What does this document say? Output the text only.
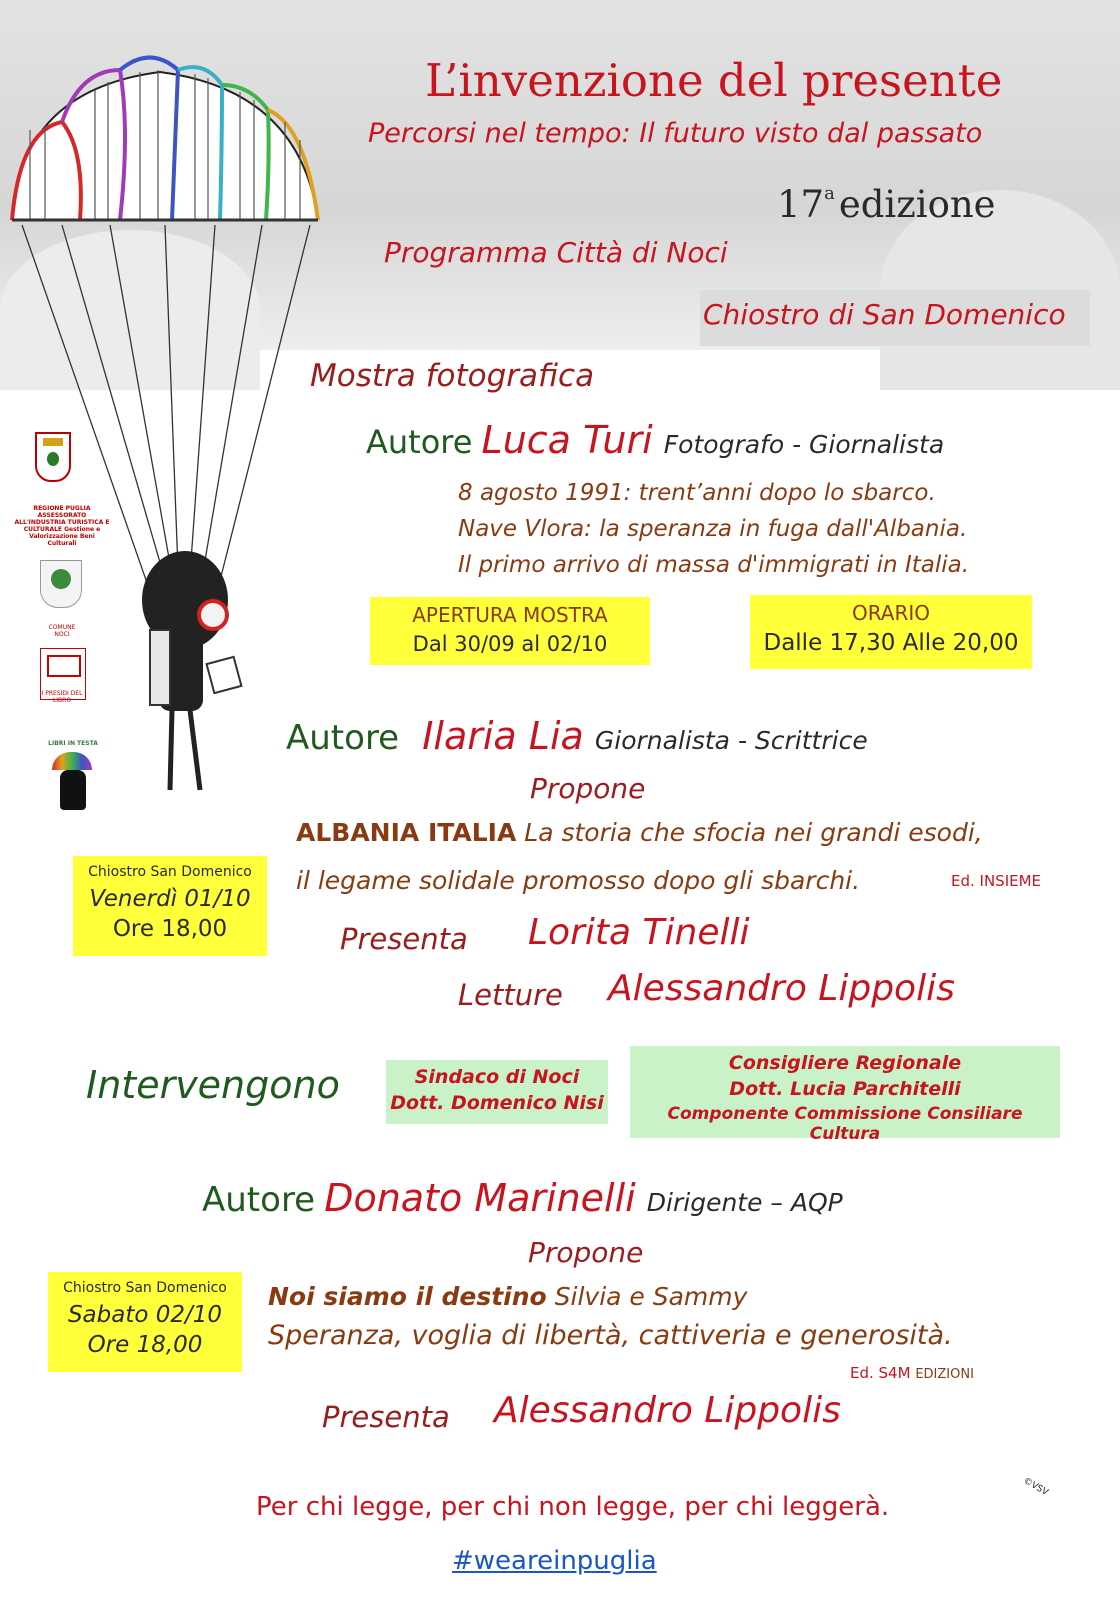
REGIONE PUGLIA ASSESSORATO ALL'INDUSTRIA TURISTICA E CULTURALE Gestione e Valorizzazione Beni Culturali
COMUNE NOCI
I PRESIDI DEL LIBRO
LIBRI IN TESTA
L’invenzione del presente
Percorsi nel tempo: Il futuro visto dal passato
17$^a$ edizione
Programma Città di Noci
Chiostro di San Domenico
Mostra fotografica
Autore Luca Turi Fotografo - Giornalista
8 agosto 1991: trent’anni dopo lo sbarco.
Nave Vlora: la speranza in fuga dall'Albania.
Il primo arrivo di massa d'immigrati in Italia.
APERTURA MOSTRA
Dal 30/09 al 02/10
ORARIO
Dalle 17,30 Alle 20,00
Autore Ilaria Lia Giornalista - Scrittrice
Propone
ALBANIA ITALIA La storia che sfocia nei grandi esodi,
il legame solidale promosso dopo gli sbarchi.	Ed. INSIEME
Chiostro San Domenico
Venerdì 01/10
Ore 18,00	Presenta Lorita Tinelli
Letture Alessandro Lippolis
Intervengono	Sindaco di Noci
Dott. Domenico Nisi
Consigliere Regionale
Dott. Lucia Parchitelli
Componente Commissione Consiliare Cultura
Autore Donato Marinelli Dirigente – AQP
Propone
Noi siamo il destino Silvia e Sammy
Speranza, voglia di libertà, cattiveria e generosità.
Ed. S4M EDIZIONI
Chiostro San Domenico
Sabato 02/10
Ore 18,00
Presenta Alessandro Lippolis
©VSV
Per chi legge, per chi non legge, per chi leggerà.
#weareinpuglia
